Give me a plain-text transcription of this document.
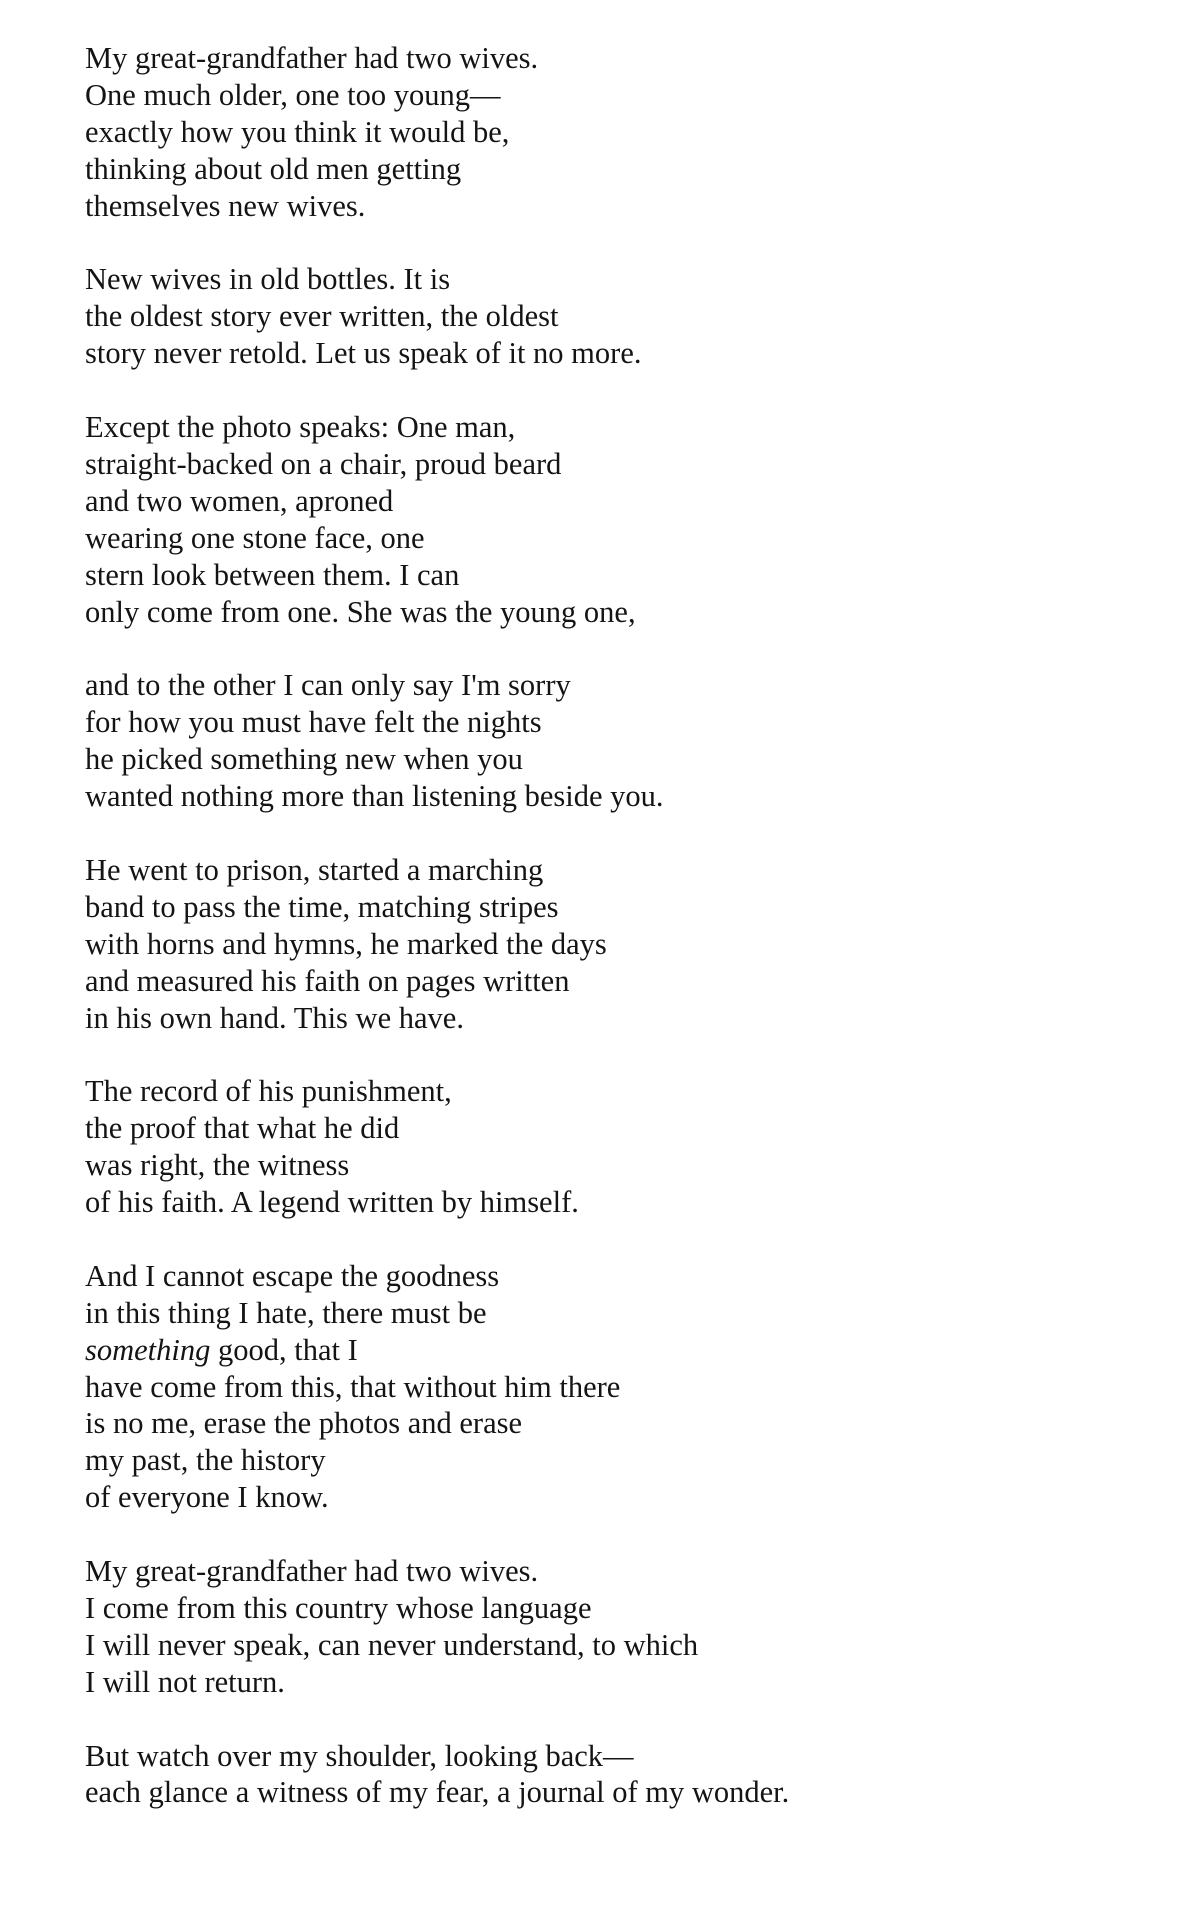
My great-grandfather had two wives.
One much older, one too young—
exactly how you think it would be,
thinking about old men getting
themselves new wives.
New wives in old bottles. It is
the oldest story ever written, the oldest
story never retold. Let us speak of it no more.
Except the photo speaks: One man,
straight-backed on a chair, proud beard
and two women, aproned
wearing one stone face, one
stern look between them. I can
only come from one. She was the young one,
and to the other I can only say I'm sorry
for how you must have felt the nights
he picked something new when you
wanted nothing more than listening beside you.
He went to prison, started a marching
band to pass the time, matching stripes
with horns and hymns, he marked the days
and measured his faith on pages written
in his own hand. This we have.
The record of his punishment,
the proof that what he did
was right, the witness
of his faith. A legend written by himself.
And I cannot escape the goodness
in this thing I hate, there must be
something good, that I
have come from this, that without him there
is no me, erase the photos and erase
my past, the history
of everyone I know.
My great-grandfather had two wives.
I come from this country whose language
I will never speak, can never understand, to which
I will not return.
But watch over my shoulder, looking back—
each glance a witness of my fear, a journal of my wonder.
